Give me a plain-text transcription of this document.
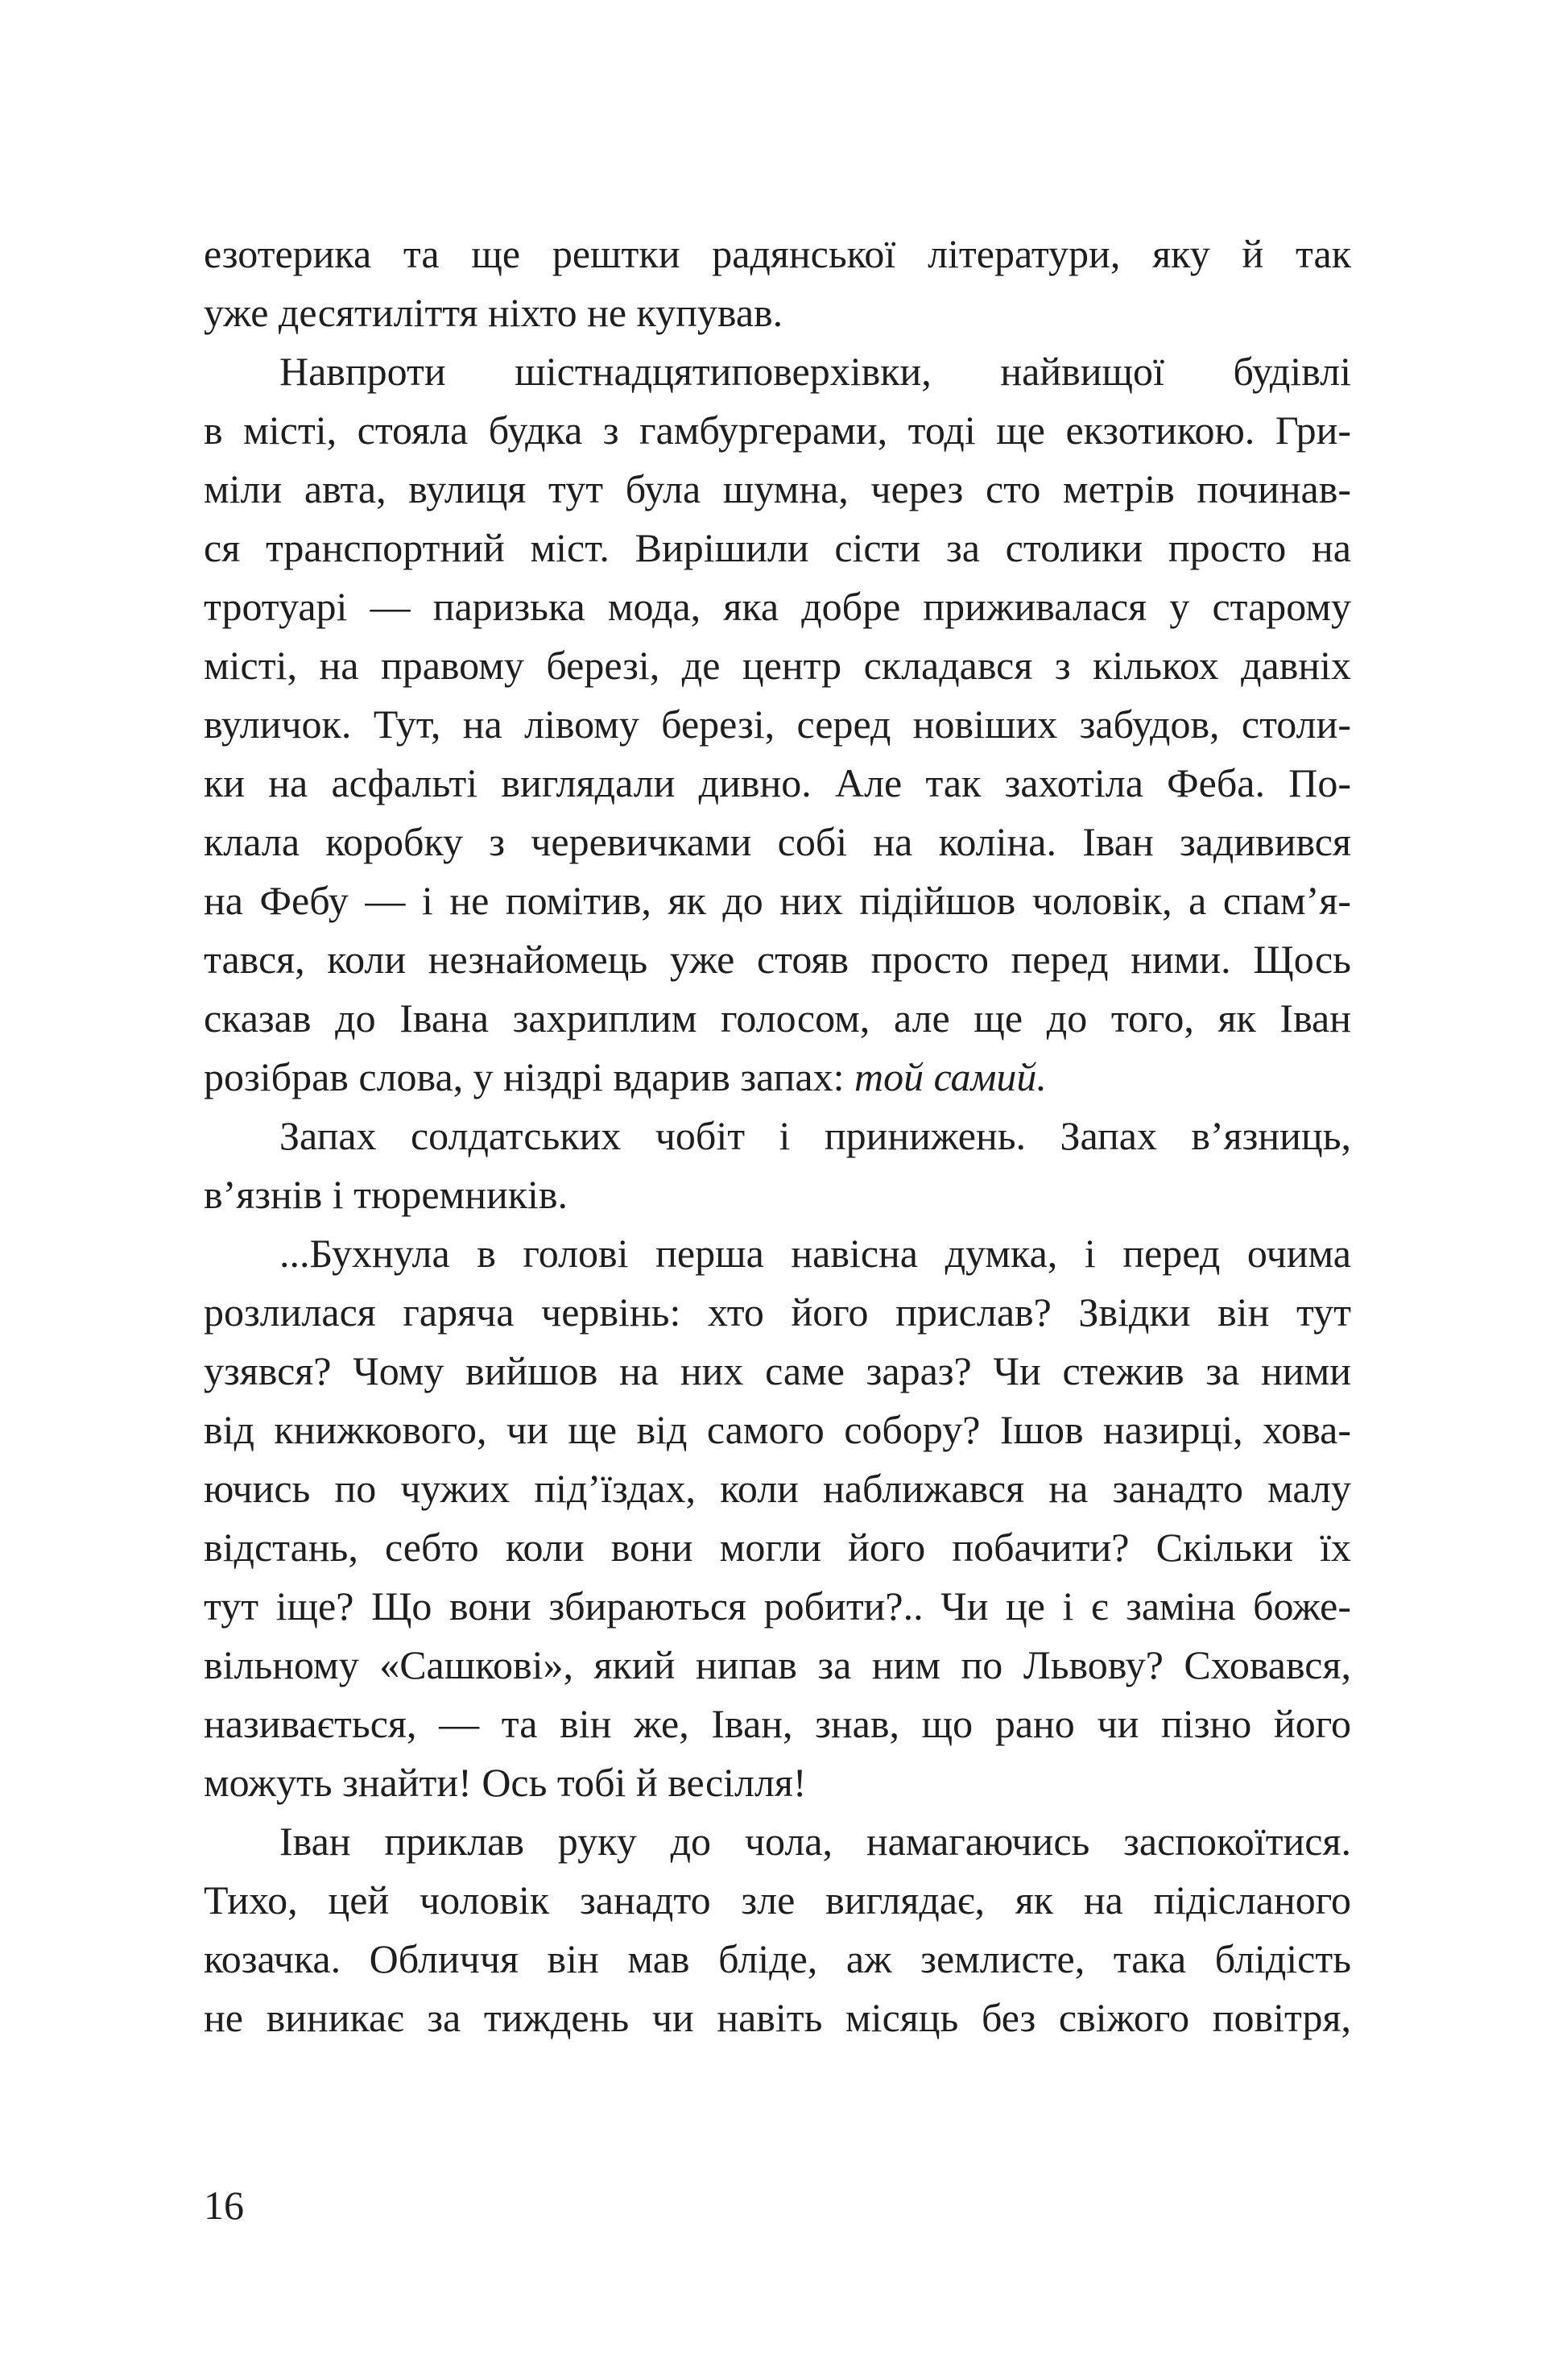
езотерика та ще рештки радянської літератури, яку й так
уже десятиліття ніхто не купував.
Навпроти шістнадцятиповерхівки, найвищої будівлі
в місті, стояла будка з гамбургерами, тоді ще екзотикою. Гри-
міли авта, вулиця тут була шумна, через сто метрів починав-
ся транспортний міст. Вирішили сісти за столики просто на
тротуарі — паризька мода, яка добре приживалася у старому
місті, на правому березі, де центр складався з кількох давніх
вуличок. Тут, на лівому березі, серед новіших забудов, столи-
ки на асфальті виглядали дивно. Але так захотіла Феба. По-
клала коробку з черевичками собі на коліна. Іван задивився
на Фебу — і не помітив, як до них підійшов чоловік, а спам’я-
тався, коли незнайомець уже стояв просто перед ними. Щось
сказав до Івана захриплим голосом, але ще до того, як Іван
розібрав слова, у ніздрі вдарив запах: той самий.
Запах солдатських чобіт і принижень. Запах в’язниць,
в’язнів і тюремників.
...Бухнула в голові перша навісна думка, і перед очима
розлилася гаряча червінь: хто його прислав? Звідки він тут
узявся? Чому вийшов на них саме зараз? Чи стежив за ними
від книжкового, чи ще від самого собору? Ішов назирці, хова-
ючись по чужих під’їздах, коли наближався на занадто малу
відстань, себто коли вони могли його побачити? Скільки їх
тут іще? Що вони збираються робити?.. Чи це і є заміна боже-
вільному «Сашкові», який нипав за ним по Львову? Сховався,
називається, — та він же, Іван, знав, що рано чи пізно його
можуть знайти! Ось тобі й весілля!
Іван приклав руку до чола, намагаючись заспокоїтися.
Тихо, цей чоловік занадто зле виглядає, як на підісланого
козачка. Обличчя він мав бліде, аж землисте, така блідість
не виникає за тиждень чи навіть місяць без свіжого повітря,
16
